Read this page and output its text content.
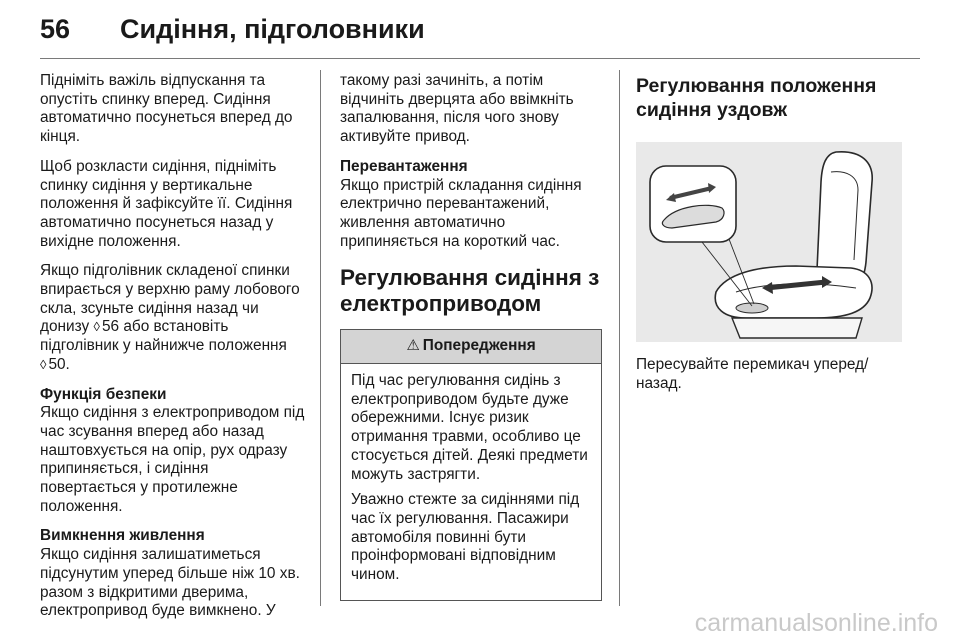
56 Сидіння, підголовники

Підніміть важіль відпускання та опустіть спинку вперед. Сидіння автоматично посунеться вперед до кінця.

Щоб розкласти сидіння, підніміть спинку сидіння у вертикальне положення й зафіксуйте її. Сидіння автоматично посунеться назад у вихідне положення.

Якщо підголівник складеної спинки впирається у верхню раму лобового скла, зсуньте сидіння назад чи донизу ◊ 56 або встановіть підголівник у найнижче положення ◊ 50.

Функція безпеки
Якщо сидіння з електроприводом під час зсування вперед або назад наштовхується на опір, рух одразу припиняється, і сидіння повертається у протилежне положення.

Вимкнення живлення
Якщо сидіння залишатиметься підсунутим уперед більше ніж 10 хв. разом з відкритими дверима, електропривод буде вимкнено. У

такому разі зачиніть, а потім відчиніть дверцята або ввімкніть запалювання, після чого знову активуйте привод.

Перевантаження
Якщо пристрій складання сидіння електрично перевантажений, живлення автоматично припиняється на короткий час.

Регулювання сидіння з електроприводом
⚠ Попередження

Під час регулювання сидінь з електроприводом будьте дуже обережними. Існує ризик отримання травми, особливо це стосується дітей. Деякі предмети можуть застрягти.

Уважно стежте за сидіннями під час їх регулювання. Пасажири автомобіля повинні бути проінформовані відповідним чином.

Регулювання положення сидіння уздовж

Пересувайте перемикач уперед/назад.

carmanualsonline.info
